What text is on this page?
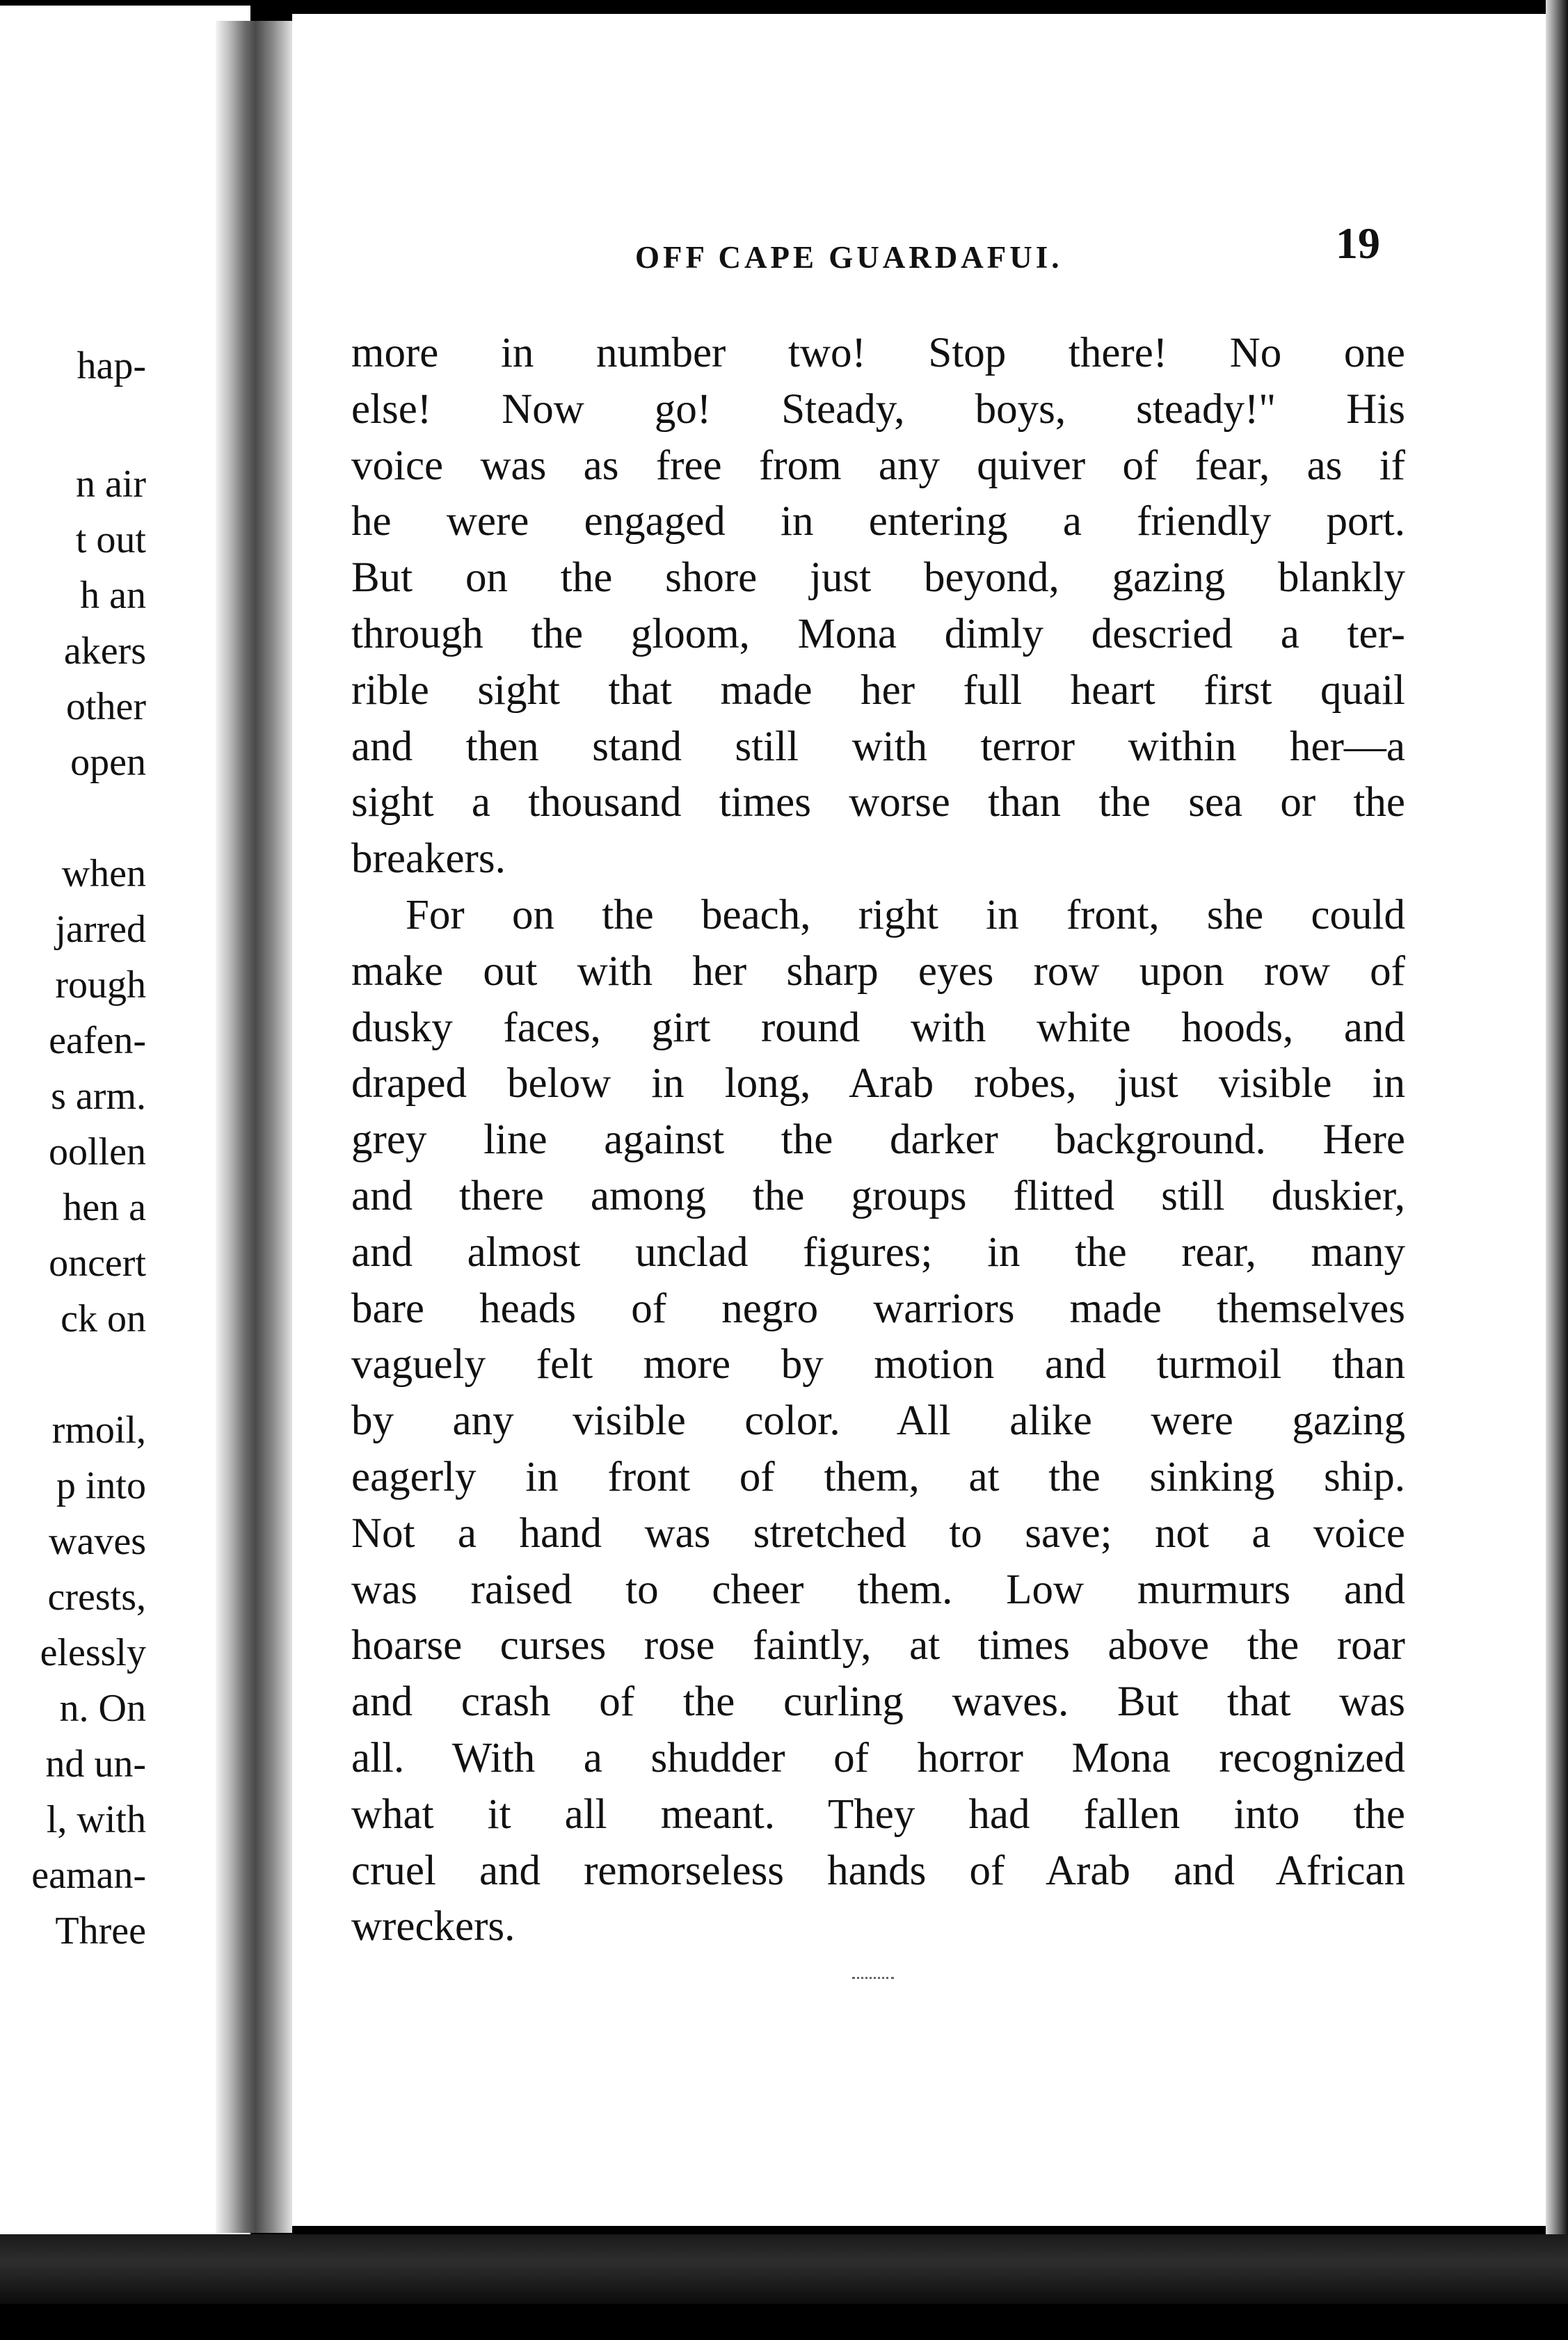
hap-
n air
t out
h an
akers
other
open
when
jarred
rough
eafen-
s arm.
oollen
hen a
oncert
ck on
rmoil,
p into
waves
crests,
elessly
n. On
nd un-
l, with
eaman-
Three
OFF CAPE GUARDAFUI.	19
more in number two! Stop there! No one
else! Now go! Steady, boys, steady!" His
voice was as free from any quiver of fear, as if
he were engaged in entering a friendly port.
But on the shore just beyond, gazing blankly
through the gloom, Mona dimly descried a ter-
rible sight that made her full heart first quail
and then stand still with terror within her—a
sight a thousand times worse than the sea or the
breakers.
For on the beach, right in front, she could
make out with her sharp eyes row upon row of
dusky faces, girt round with white hoods, and
draped below in long, Arab robes, just visible in
grey line against the darker background. Here
and there among the groups flitted still duskier,
and almost unclad figures; in the rear, many
bare heads of negro warriors made themselves
vaguely felt more by motion and turmoil than
by any visible color. All alike were gazing
eagerly in front of them, at the sinking ship.
Not a hand was stretched to save; not a voice
was raised to cheer them. Low murmurs and
hoarse curses rose faintly, at times above the roar
and crash of the curling waves. But that was
all. With a shudder of horror Mona recognized
what it all meant. They had fallen into the
cruel and remorseless hands of Arab and African
wreckers.
